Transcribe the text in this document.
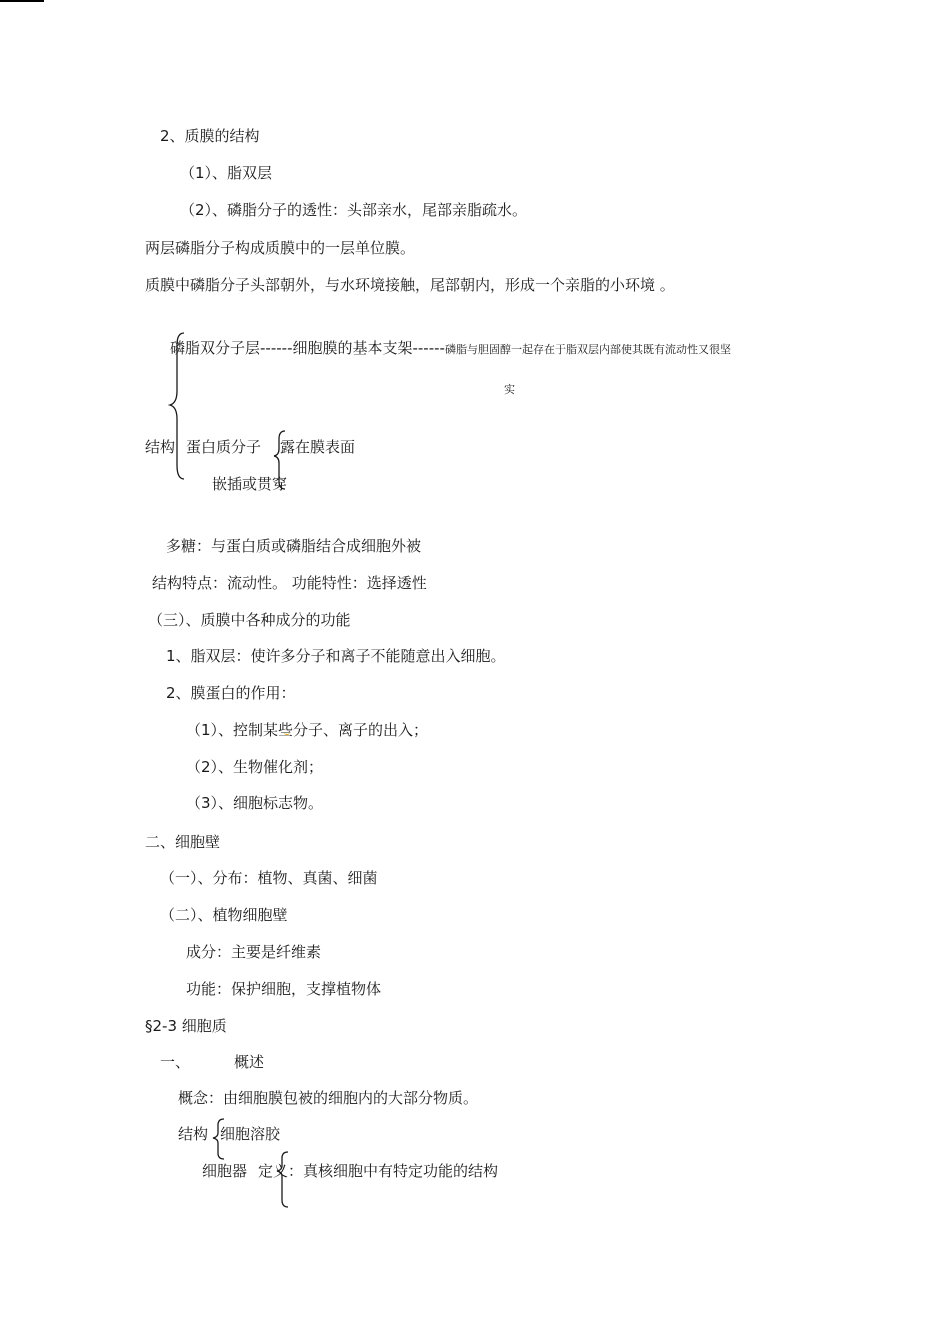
2、质膜的结构
（1）、脂双层
（2）、磷脂分子的透性：头部亲水，尾部亲脂疏水。
两层磷脂分子构成质膜中的一层单位膜。
质膜中磷脂分子头部朝外，与水环境接触，尾部朝内，形成一个亲脂的小环境 。
磷脂双分子层------细胞膜的基本支架------磷脂与胆固醇一起存在于脂双层内部使其既有流动性又很坚
实
结构 蛋白质分子 露在膜表面
嵌插或贯穿
多糖：与蛋白质或磷脂结合成细胞外被
结构特点：流动性。 功能特性：选择透性
（三）、质膜中各种成分的功能
1、脂双层：使许多分子和离子不能随意出入细胞。
2、膜蛋白的作用：
（1）、控制某些分子、离子的出入；
（2）、生物催化剂；
（3）、细胞标志物。
二、细胞壁
（一）、分布：植物、真菌、细菌
（二）、植物细胞壁
成分：主要是纤维素
功能：保护细胞，支撑植物体
§2-3 细胞质
一、	概述
概念：由细胞膜包被的细胞内的大部分物质。
结构 细胞溶胶
细胞器 定义：真核细胞中有特定功能的结构
